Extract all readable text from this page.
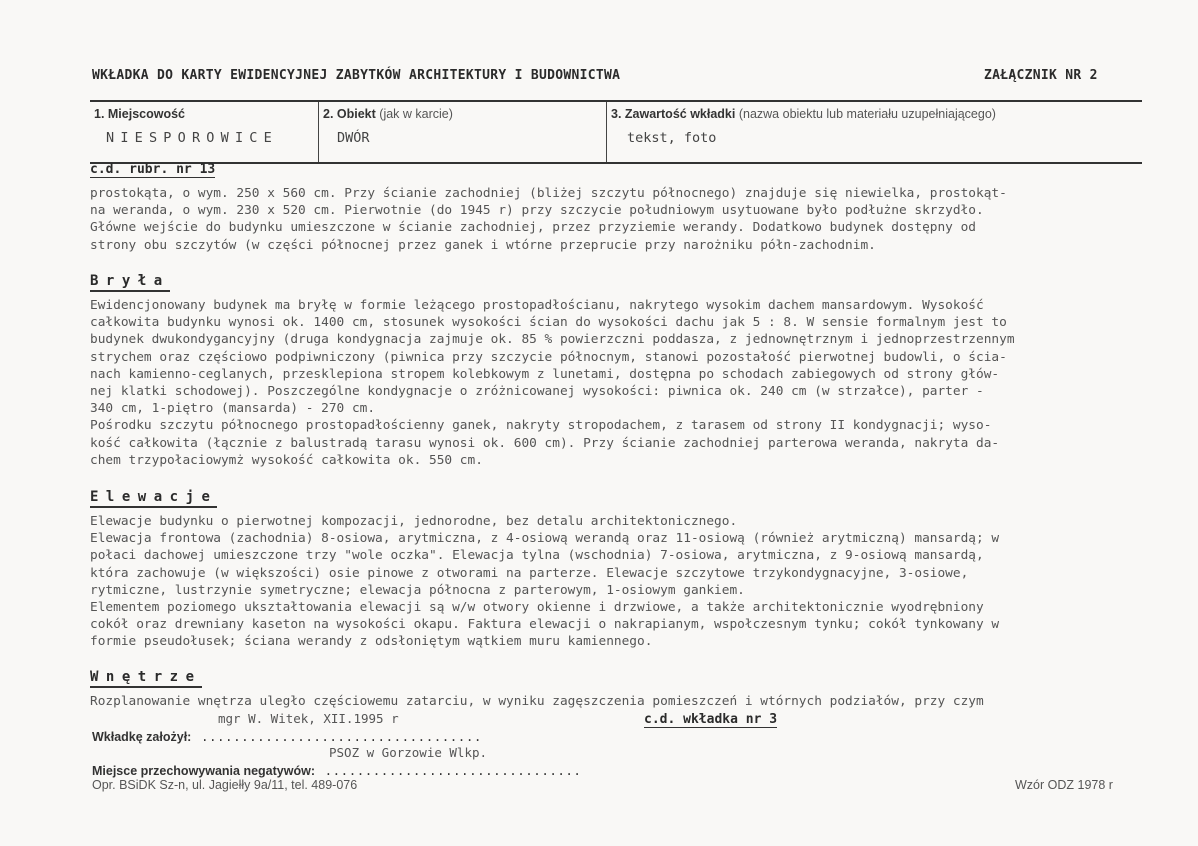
WKŁADKA DO KARTY EWIDENCYJNEJ ZABYTKÓW ARCHITEKTURY I BUDOWNICTWA	ZAŁĄCZNIK NR 2
1. Miejscowość
NIESPOROWICE
2. Obiekt (jak w karcie)
DWÓR
3. Zawartość wkładki (nazwa obiektu lub materiału uzupełniającego)
tekst, foto
c.d. rubr. nr 13
prostokąta, o wym. 250 x 560 cm. Przy ścianie zachodniej (bliżej szczytu północnego) znajduje się niewielka, prostokąt-
na weranda, o wym. 230 x 520 cm. Pierwotnie (do 1945 r) przy szczycie południowym usytuowane było podłużne skrzydło.
Główne wejście do budynku umieszczone w ścianie zachodniej, przez przyziemie werandy. Dodatkowo budynek dostępny od
strony obu szczytów (w części północnej przez ganek i wtórne przeprucie przy narożniku półn-zachodnim.
Bryła
Ewidencjonowany budynek ma bryłę w formie leżącego prostopadłościanu, nakrytego wysokim dachem mansardowym. Wysokość
całkowita budynku wynosi ok. 1400 cm, stosunek wysokości ścian do wysokości dachu jak 5 : 8. W sensie formalnym jest to
budynek dwukondygancyjny (druga kondygnacja zajmuje ok. 85 % powierzczni poddasza, z jednownętrznym i jednoprzestrzennym
strychem oraz częściowo podpiwniczony (piwnica przy szczycie północnym, stanowi pozostałość pierwotnej budowli, o ścia-
nach kamienno-ceglanych, przesklepiona stropem kolebkowym z lunetami, dostępna po schodach zabiegowych od strony głów-
nej klatki schodowej). Poszczególne kondygnacje o zróżnicowanej wysokości: piwnica ok. 240 cm (w strzałce), parter -
340 cm, 1-piętro (mansarda) - 270 cm.
Pośrodku szczytu północnego prostopadłościenny ganek, nakryty stropodachem, z tarasem od strony II kondygnacji; wyso-
kość całkowita (łącznie z balustradą tarasu wynosi ok. 600 cm). Przy ścianie zachodniej parterowa weranda, nakryta da-
chem trzypołaciowymż wysokość całkowita ok. 550 cm.
Elewacje
Elewacje budynku o pierwotnej kompozacji, jednorodne, bez detalu architektonicznego.
Elewacja frontowa (zachodnia) 8-osiowa, arytmiczna, z 4-osiową werandą oraz 11-osiową (również arytmiczną) mansardą; w
połaci dachowej umieszczone trzy "wole oczka". Elewacja tylna (wschodnia) 7-osiowa, arytmiczna, z 9-osiową mansardą,
która zachowuje (w większości) osie pinowe z otworami na parterze. Elewacje szczytowe trzykondygnacyjne, 3-osiowe,
rytmiczne, lustrzynie symetryczne; elewacja północna z parterowym, 1-osiowym gankiem.
Elementem poziomego ukształtowania elewacji są w/w otwory okienne i drzwiowe, a także architektonicznie wyodrębniony
cokół oraz drewniany kaseton na wysokości okapu. Faktura elewacji o nakrapianym, wspołczesnym tynku; cokół tynkowany w
formie pseudołusek; ściana werandy z odsłoniętym wątkiem muru kamiennego.
Wnętrze
Rozplanowanie wnętrza uległo częściowemu zatarciu, w wyniku zagęszczenia pomieszczeń i wtórnych podziałów, przy czym
mgr W. Witek, XII.1995 r	c.d. wkładka nr 3
Wkładkę założył: ...................................
PSOZ w Gorzowie Wlkp.
Miejsce przechowywania negatywów: ................................
Opr. BSiDK Sz-n, ul. Jagiełły 9a/11, tel. 489-076	Wzór ODZ 1978 r
